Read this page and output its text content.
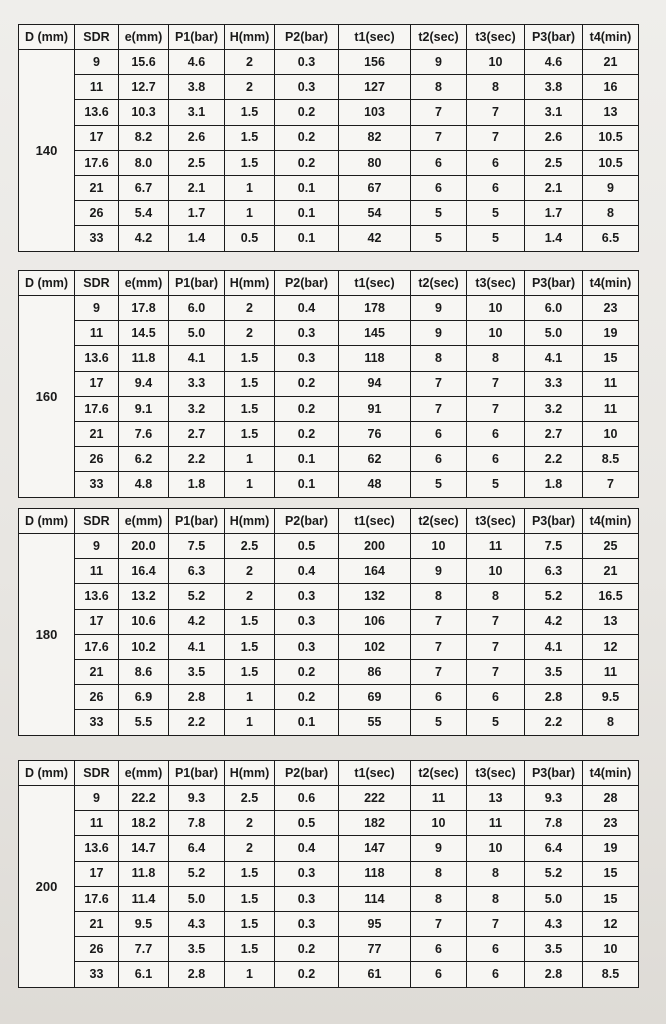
D (mm)	SDR	e(mm)	P1(bar)	H(mm)	P2(bar)	t1(sec)	t2(sec)	t3(sec)	P3(bar)	t4(min)
140	9	15.6	4.6	2	0.3	156	9	10	4.6	21
	11	12.7	3.8	2	0.3	127	8	8	3.8	16
	13.6	10.3	3.1	1.5	0.2	103	7	7	3.1	13
	17	8.2	2.6	1.5	0.2	82	7	7	2.6	10.5
	17.6	8.0	2.5	1.5	0.2	80	6	6	2.5	10.5
	21	6.7	2.1	1	0.1	67	6	6	2.1	9
	26	5.4	1.7	1	0.1	54	5	5	1.7	8
	33	4.2	1.4	0.5	0.1	42	5	5	1.4	6.5
D (mm)	SDR	e(mm)	P1(bar)	H(mm)	P2(bar)	t1(sec)	t2(sec)	t3(sec)	P3(bar)	t4(min)
160	9	17.8	6.0	2	0.4	178	9	10	6.0	23
	11	14.5	5.0	2	0.3	145	9	10	5.0	19
	13.6	11.8	4.1	1.5	0.3	118	8	8	4.1	15
	17	9.4	3.3	1.5	0.2	94	7	7	3.3	11
	17.6	9.1	3.2	1.5	0.2	91	7	7	3.2	11
	21	7.6	2.7	1.5	0.2	76	6	6	2.7	10
	26	6.2	2.2	1	0.1	62	6	6	2.2	8.5
	33	4.8	1.8	1	0.1	48	5	5	1.8	7
D (mm)	SDR	e(mm)	P1(bar)	H(mm)	P2(bar)	t1(sec)	t2(sec)	t3(sec)	P3(bar)	t4(min)
180	9	20.0	7.5	2.5	0.5	200	10	11	7.5	25
	11	16.4	6.3	2	0.4	164	9	10	6.3	21
	13.6	13.2	5.2	2	0.3	132	8	8	5.2	16.5
	17	10.6	4.2	1.5	0.3	106	7	7	4.2	13
	17.6	10.2	4.1	1.5	0.3	102	7	7	4.1	12
	21	8.6	3.5	1.5	0.2	86	7	7	3.5	11
	26	6.9	2.8	1	0.2	69	6	6	2.8	9.5
	33	5.5	2.2	1	0.1	55	5	5	2.2	8
D (mm)	SDR	e(mm)	P1(bar)	H(mm)	P2(bar)	t1(sec)	t2(sec)	t3(sec)	P3(bar)	t4(min)
200	9	22.2	9.3	2.5	0.6	222	11	13	9.3	28
	11	18.2	7.8	2	0.5	182	10	11	7.8	23
	13.6	14.7	6.4	2	0.4	147	9	10	6.4	19
	17	11.8	5.2	1.5	0.3	118	8	8	5.2	15
	17.6	11.4	5.0	1.5	0.3	114	8	8	5.0	15
	21	9.5	4.3	1.5	0.3	95	7	7	4.3	12
	26	7.7	3.5	1.5	0.2	77	6	6	3.5	10
	33	6.1	2.8	1	0.2	61	6	6	2.8	8.5
